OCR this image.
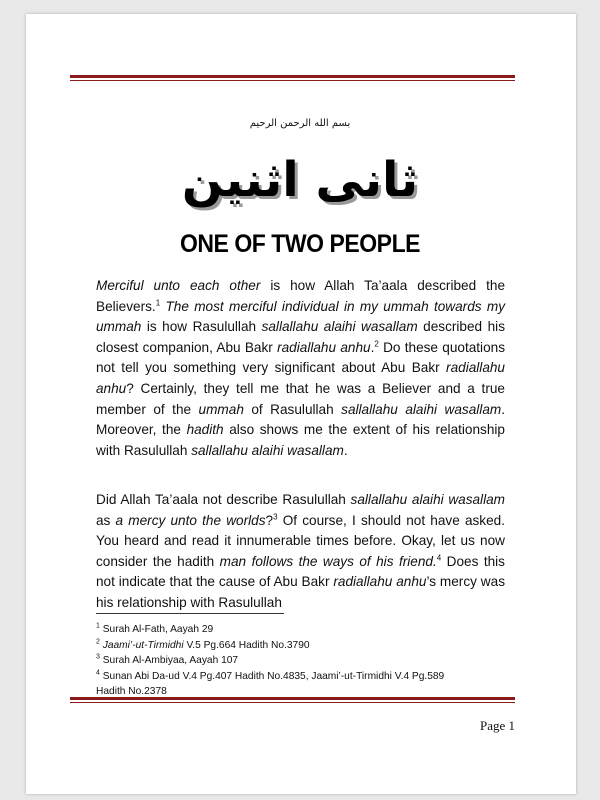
بسم الله الرحمن الرحيم
ثانی اثنین
ONE OF TWO PEOPLE
Merciful unto each other is how Allah Ta’aala described the Believers.$^1$ The most merciful individual in my ummah towards my ummah is how Rasulullah sallallahu alaihi wasallam described his closest companion, Abu Bakr radiallahu anhu.$^2$ Do these quotations not tell you something very significant about Abu Bakr radiallahu anhu? Certainly, they tell me that he was a Believer and a true member of the ummah of Rasulullah sallallahu alaihi wasallam. Moreover, the hadith also shows me the extent of his relationship with Rasulullah sallallahu alaihi wasallam.
Did Allah Ta’aala not describe Rasulullah sallallahu alaihi wasallam as a mercy unto the worlds?$^3$ Of course, I should not have asked. You heard and read it innumerable times before. Okay, let us now consider the hadith man follows the ways of his friend.$^4$ Does this not indicate that the cause of Abu Bakr radiallahu anhu’s mercy was his relationship with Rasulullah
$^1$ Surah Al-Fath, Aayah 29
$^2$ Jaami’-ut-Tirmidhi V.5 Pg.664 Hadith No.3790
$^3$ Surah Al-Ambiyaa, Aayah 107
$^4$ Sunan Abi Da-ud V.4 Pg.407 Hadith No.4835, Jaami’-ut-Tirmidhi V.4 Pg.589
Hadith No.2378
Page 1
